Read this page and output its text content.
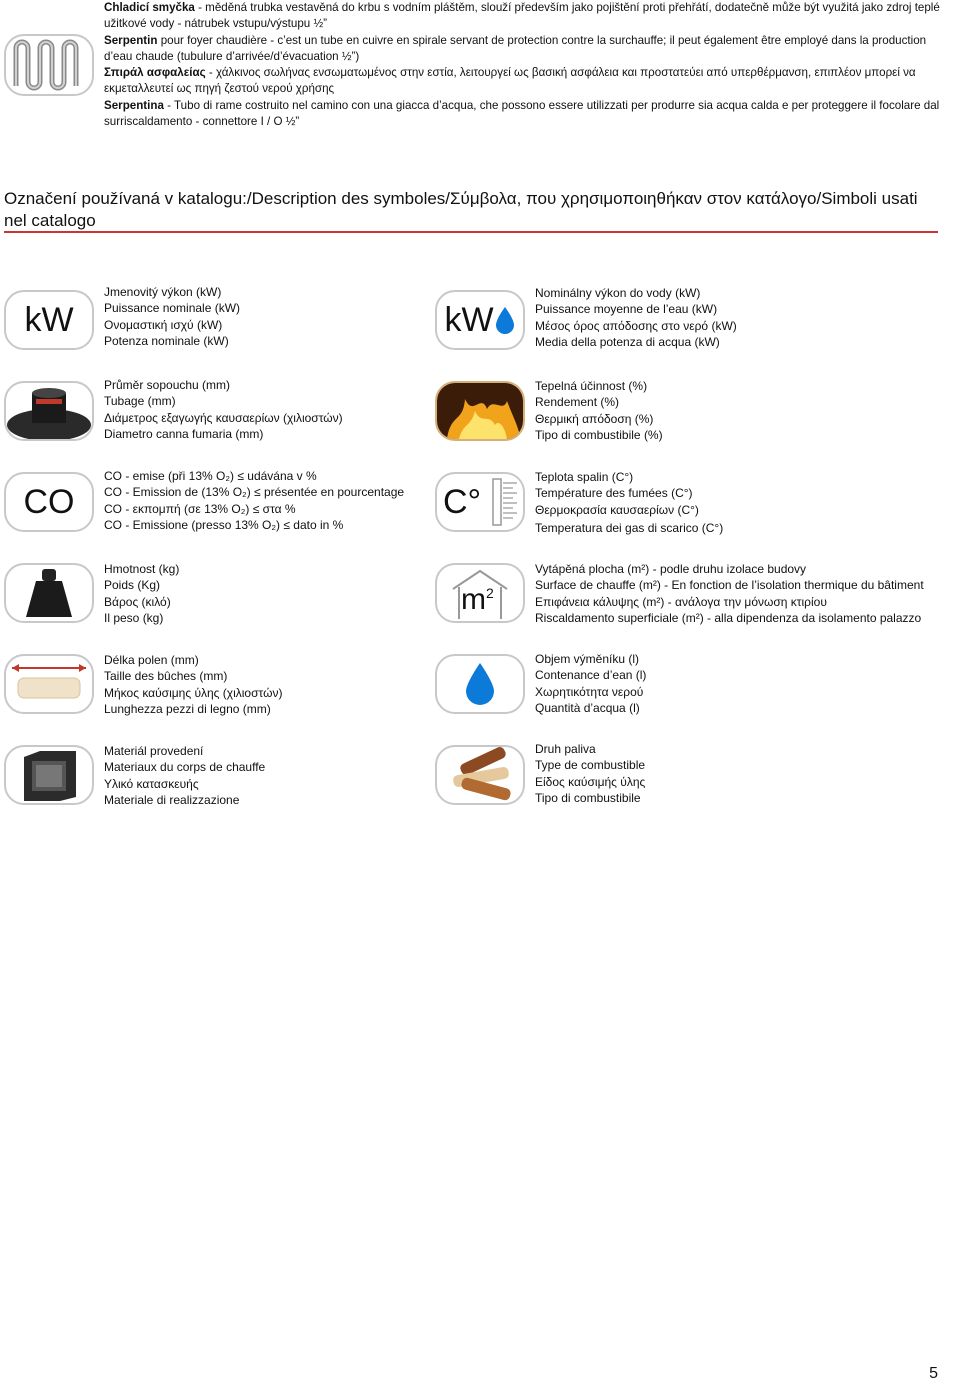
Chladicí smyčka - měděná trubka vestavěná do krbu s vodním pláštěm, slouží především jako pojištění proti přehřátí, dodatečně může být využitá jako zdroj teplé užitkové vody - nátrubek vstupu/výstupu ½”

Serpentin pour foyer chaudière - c’est un tube en cuivre en spirale servant de protection contre la surchauffe; il peut également être employé dans la production d’eau chaude (tubulure d’arrivée/d’évacuation ½”)

Σπιράλ ασφαλείας - χάλκινος σωλήνας ενσωματωμένος στην εστία, λειτουργεί ως βασική ασφάλεια και προστατεύει από υπερθέρμανση, επιπλέον μπορεί να εκμεταλλευτεί ως πηγή ζεστού νερού χρήσης

Serpentina - Tubo di rame costruito nel camino con una giacca d’acqua, che possono essere utilizzati per produrre sia acqua calda e per proteggere il focolare dal surriscaldamento - connettore I / O ½”

Označení používaná v katalogu:/Description des symboles/Σύμβολα, που χρησιμοποιηθήκαν στον κατάλογο/Simboli usati nel catalogo
kW
Jmenovitý výkon (kW)
Puissance nominale (kW)
Ονομαστική ισχύ (kW)
Potenza nominale (kW)
kW
Nominálny výkon do vody (kW)
Puissance moyenne de l’eau (kW)
Μέσος όρος απόδοσης στο νερό (kW)
Media della potenza di acqua (kW)
Průměr sopouchu (mm)
Tubage (mm)
Διάμετρος εξαγωγής καυσαερίων (χιλιοστών)
Diametro canna fumaria (mm)
Tepelná účinnost (%)
Rendement (%)
Θερμική απόδοση (%)
Tipo di combustibile (%)
CO
CO - emise (při 13% O₂) ≤ udávána v %
CO - Emission de (13% O₂) ≤ présentée en pourcentage
CO - εκπομπή (σε 13% O₂) ≤ στα %
CO - Emissione (presso 13% O₂) ≤ dato in %
C°
Teplota spalin (C°)
Température des fumées (C°)
Θερμοκρασία καυσαερίων (C°)
Temperatura dei gas di scarico (C°)
Hmotnost (kg)
Poids (Kg)
Βάρος (κιλό)
Il peso (kg)
$m^2$
Vytápěná plocha (m²) - podle druhu izolace budovy
Surface de chauffe (m²) - En fonction de l’isolation thermique du bâtiment
Επιφάνεια κάλυψης (m²) - ανάλογα την μόνωση κτιρίου
Riscaldamento superficiale (m²) - alla dipendenza da isolamento palazzo
Délka polen (mm)
Taille des bûches (mm)
Μήκος καύσιμης ύλης (χιλιοστών)
Lunghezza pezzi di legno (mm)
Objem výměníku (l)
Contenance d’ean (l)
Χωρητικότητα νερού
Quantità d’acqua (l)
Materiál provedení
Materiaux du corps de chauffe
Υλικό κατασκευής
Materiale di realizzazione
Druh paliva
Type de combustible
Είδος καύσιμής ύλης
Tipo di combustibile
5
